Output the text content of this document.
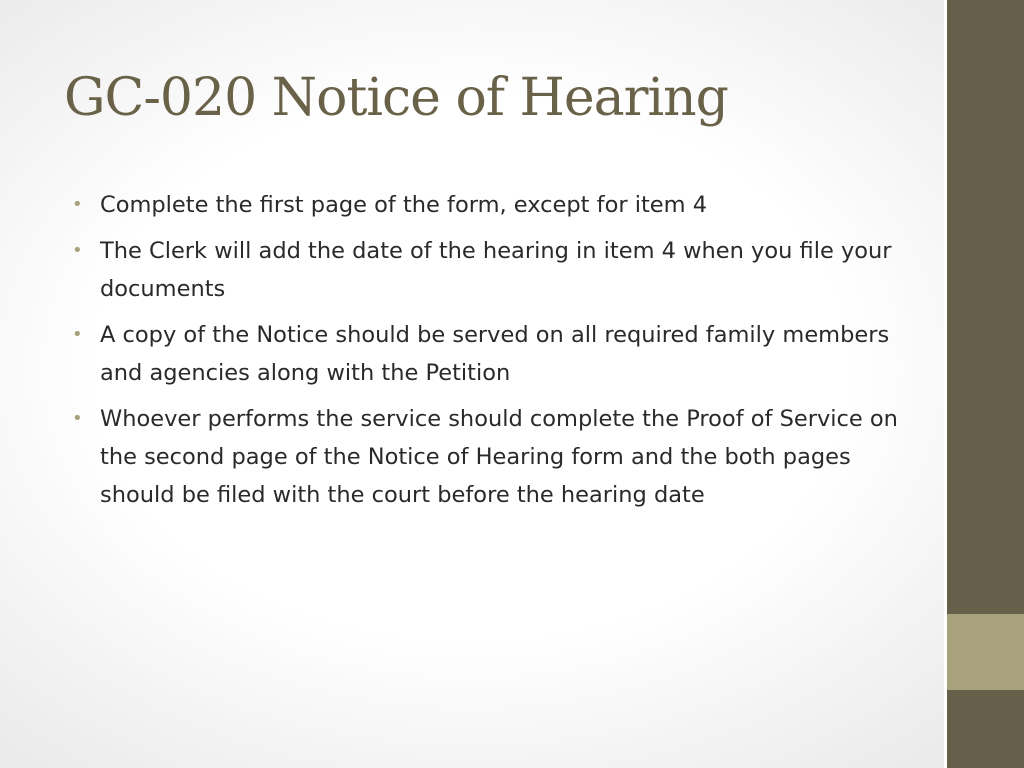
GC-020 Notice of Hearing
• Complete the first page of the form, except for item 4
• The Clerk will add the date of the hearing in item 4 when you file your documents
• A copy of the Notice should be served on all required family members and agencies along with the Petition
• Whoever performs the service should complete the Proof of Service on the second page of the Notice of Hearing form and the both pages should be filed with the court before the hearing date
